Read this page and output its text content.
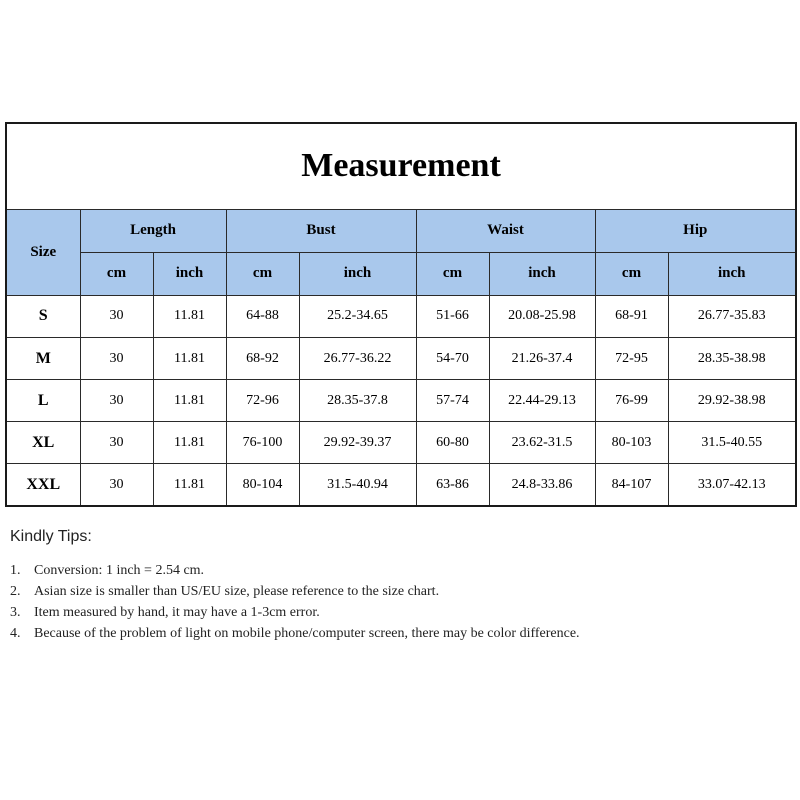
Measurement								
Size	Length		Bust		Waist		Hip	
	cm	inch	cm	inch	cm	inch	cm	inch
S	30	11.81	64-88	25.2-34.65	51-66	20.08-25.98	68-91	26.77-35.83
M	30	11.81	68-92	26.77-36.22	54-70	21.26-37.4	72-95	28.35-38.98
L	30	11.81	72-96	28.35-37.8	57-74	22.44-29.13	76-99	29.92-38.98
XL	30	11.81	76-100	29.92-39.37	60-80	23.62-31.5	80-103	31.5-40.55
XXL	30	11.81	80-104	31.5-40.94	63-86	24.8-33.86	84-107	33.07-42.13
Kindly Tips:
1. Conversion: 1 inch = 2.54 cm.
2. Asian size is smaller than US/EU size, please reference to the size chart.
3. Item measured by hand, it may have a 1-3cm error.
4. Because of the problem of light on mobile phone/computer screen, there may be color difference.
